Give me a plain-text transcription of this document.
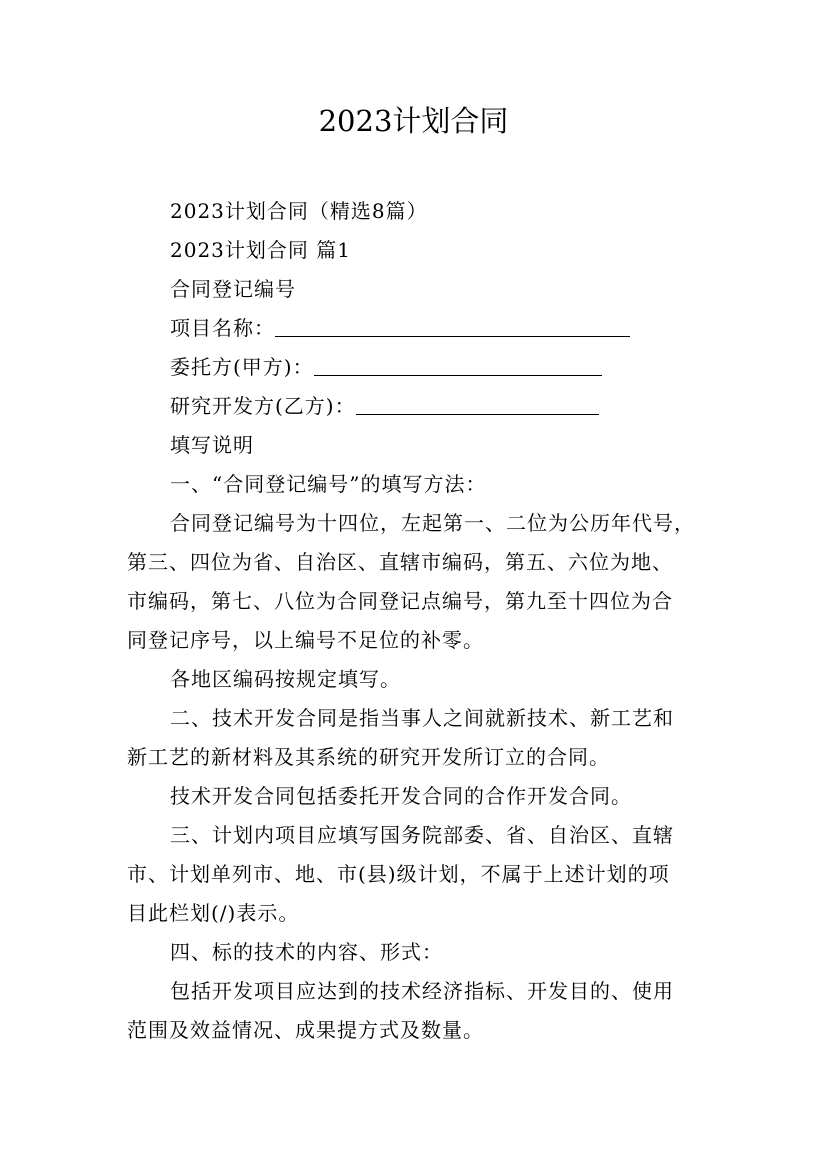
2023计划合同
2023计划合同（精选8篇）
2023计划合同 篇1
合同登记编号
项目名称：
委托方(甲方)：
研究开发方(乙方)：
填写说明
一、“合同登记编号”的填写方法：
合同登记编号为十四位，左起第一、二位为公历年代号，
第三、四位为省、自治区、直辖市编码，第五、六位为地、
市编码，第七、八位为合同登记点编号，第九至十四位为合
同登记序号，以上编号不足位的补零。
各地区编码按规定填写。
二、技术开发合同是指当事人之间就新技术、新工艺和
新工艺的新材料及其系统的研究开发所订立的合同。
技术开发合同包括委托开发合同的合作开发合同。
三、计划内项目应填写国务院部委、省、自治区、直辖
市、计划单列市、地、市(县)级计划，不属于上述计划的项
目此栏划(/)表示。
四、标的技术的内容、形式：
包括开发项目应达到的技术经济指标、开发目的、使用
范围及效益情况、成果提方式及数量。
